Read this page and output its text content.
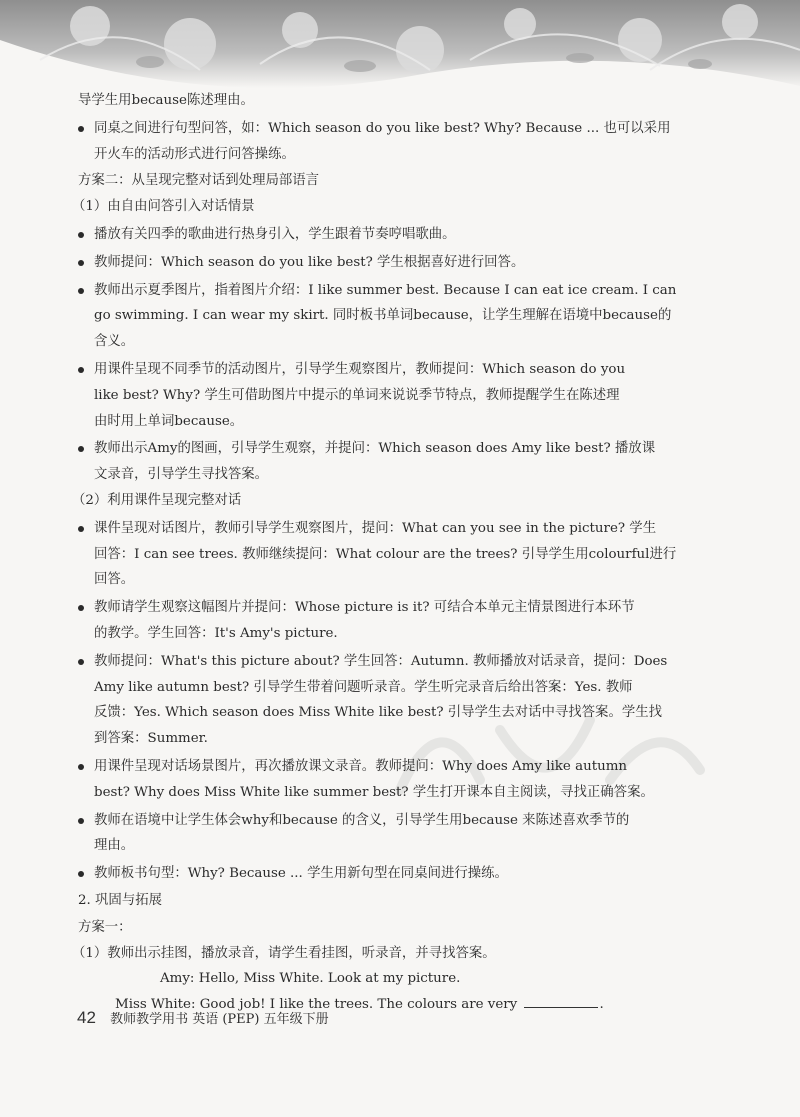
导学生用because陈述理由。
同桌之间进行句型问答，如：Which season do you like best? Why? Because ... 也可以采用
开火车的活动形式进行问答操练。
方案二：从呈现完整对话到处理局部语言
（1）由自由问答引入对话情景
播放有关四季的歌曲进行热身引入，学生跟着节奏哼唱歌曲。
教师提问：Which season do you like best? 学生根据喜好进行回答。
教师出示夏季图片，指着图片介绍：I like summer best. Because I can eat ice cream. I can
go swimming. I can wear my skirt. 同时板书单词because，让学生理解在语境中because的
含义。
用课件呈现不同季节的活动图片，引导学生观察图片，教师提问：Which season do you
like best? Why? 学生可借助图片中提示的单词来说说季节特点，教师提醒学生在陈述理
由时用上单词because。
教师出示Amy的图画，引导学生观察，并提问：Which season does Amy like best? 播放课
文录音，引导学生寻找答案。
（2）利用课件呈现完整对话
课件呈现对话图片，教师引导学生观察图片，提问：What can you see in the picture? 学生
回答：I can see trees. 教师继续提问：What colour are the trees? 引导学生用colourful进行
回答。
教师请学生观察这幅图片并提问：Whose picture is it? 可结合本单元主情景图进行本环节
的教学。学生回答：It's Amy's picture.
教师提问：What's this picture about? 学生回答：Autumn. 教师播放对话录音，提问：Does
Amy like autumn best? 引导学生带着问题听录音。学生听完录音后给出答案：Yes. 教师
反馈：Yes. Which season does Miss White like best? 引导学生去对话中寻找答案。学生找
到答案：Summer.
用课件呈现对话场景图片，再次播放课文录音。教师提问：Why does Amy like autumn
best? Why does Miss White like summer best? 学生打开课本自主阅读，寻找正确答案。
教师在语境中让学生体会why和because 的含义，引导学生用because 来陈述喜欢季节的
理由。
教师板书句型：Why? Because ... 学生用新句型在同桌间进行操练。
2. 巩固与拓展
方案一：
（1）教师出示挂图，播放录音，请学生看挂图，听录音，并寻找答案。
Amy: Hello, Miss White. Look at my picture.
Miss White: Good job! I like the trees. The colours are very	.
42 教师教学用书 英语 (PEP) 五年级下册
